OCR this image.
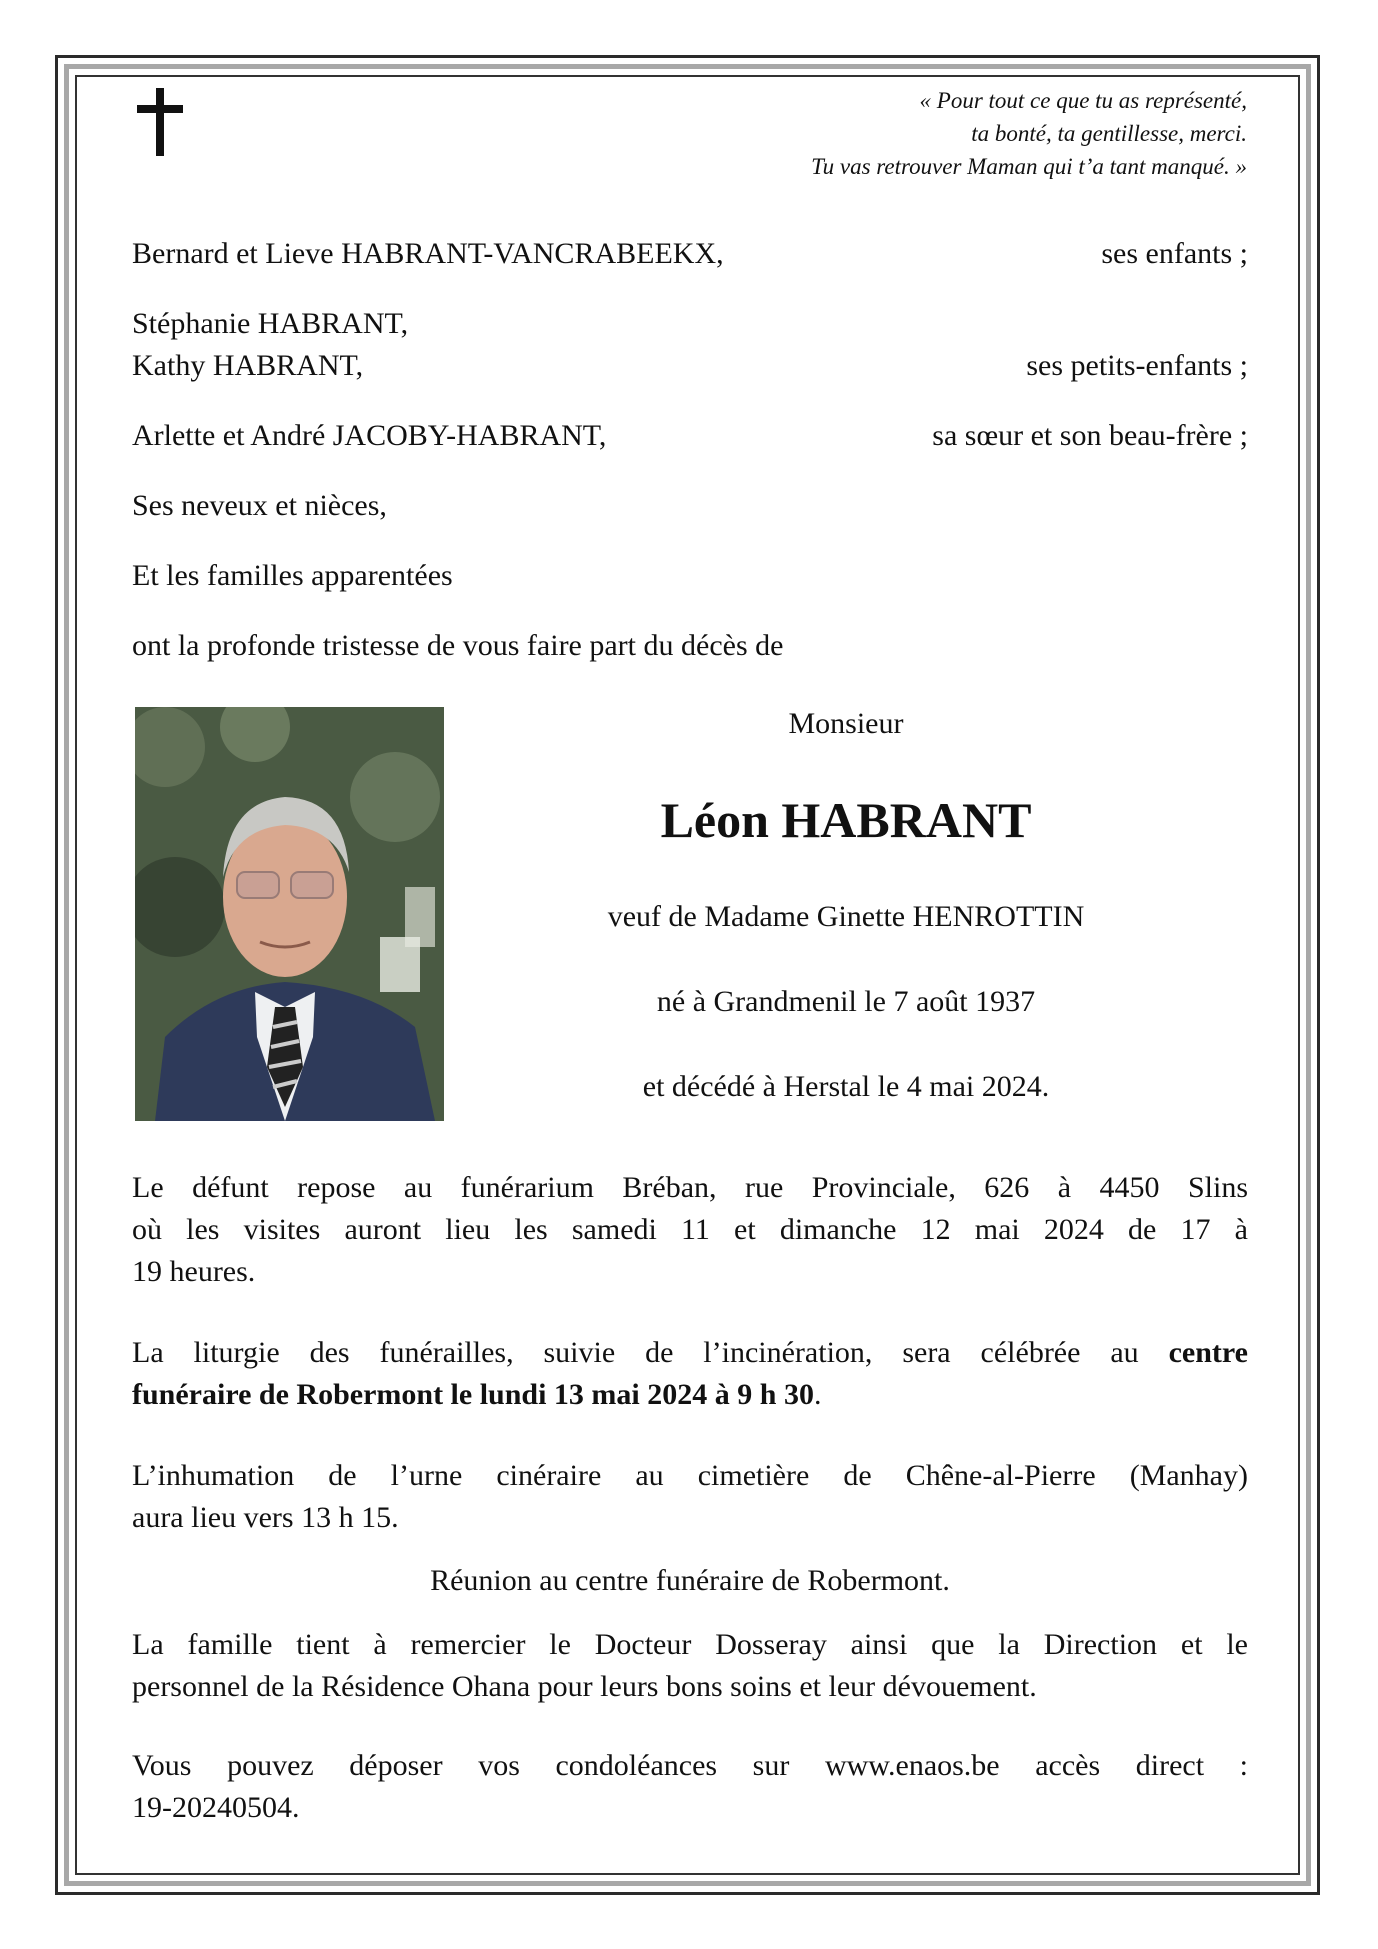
« Pour tout ce que tu as représenté,
ta bonté, ta gentillesse, merci.
Tu vas retrouver Maman qui t’a tant manqué. »
Bernard et Lieve HABRANT-VANCRABEEKX,	ses enfants ;
Stéphanie HABRANT,
Kathy HABRANT,	ses petits-enfants ;
Arlette et André JACOBY-HABRANT,	sa sœur et son beau-frère ;
Ses neveux et nièces,
Et les familles apparentées
ont la profonde tristesse de vous faire part du décès de
Monsieur
Léon HABRANT
veuf de Madame Ginette HENROTTIN
né à Grandmenil le 7 août 1937
et décédé à Herstal le 4 mai 2024.
Le défunt repose au funérarium Bréban, rue Provinciale, 626 à 4450 Slins
où les visites auront lieu les samedi 11 et dimanche 12 mai 2024 de 17 à
19 heures.
La liturgie des funérailles, suivie de l’incinération, sera célébrée au centre
funéraire de Robermont le lundi 13 mai 2024 à 9 h 30.
L’inhumation de l’urne cinéraire au cimetière de Chêne-al-Pierre (Manhay)
aura lieu vers 13 h 15.
Réunion au centre funéraire de Robermont.
La famille tient à remercier le Docteur Dosseray ainsi que la Direction et le
personnel de la Résidence Ohana pour leurs bons soins et leur dévouement.
Vous pouvez déposer vos condoléances sur www.enaos.be accès direct :
19-20240504.
